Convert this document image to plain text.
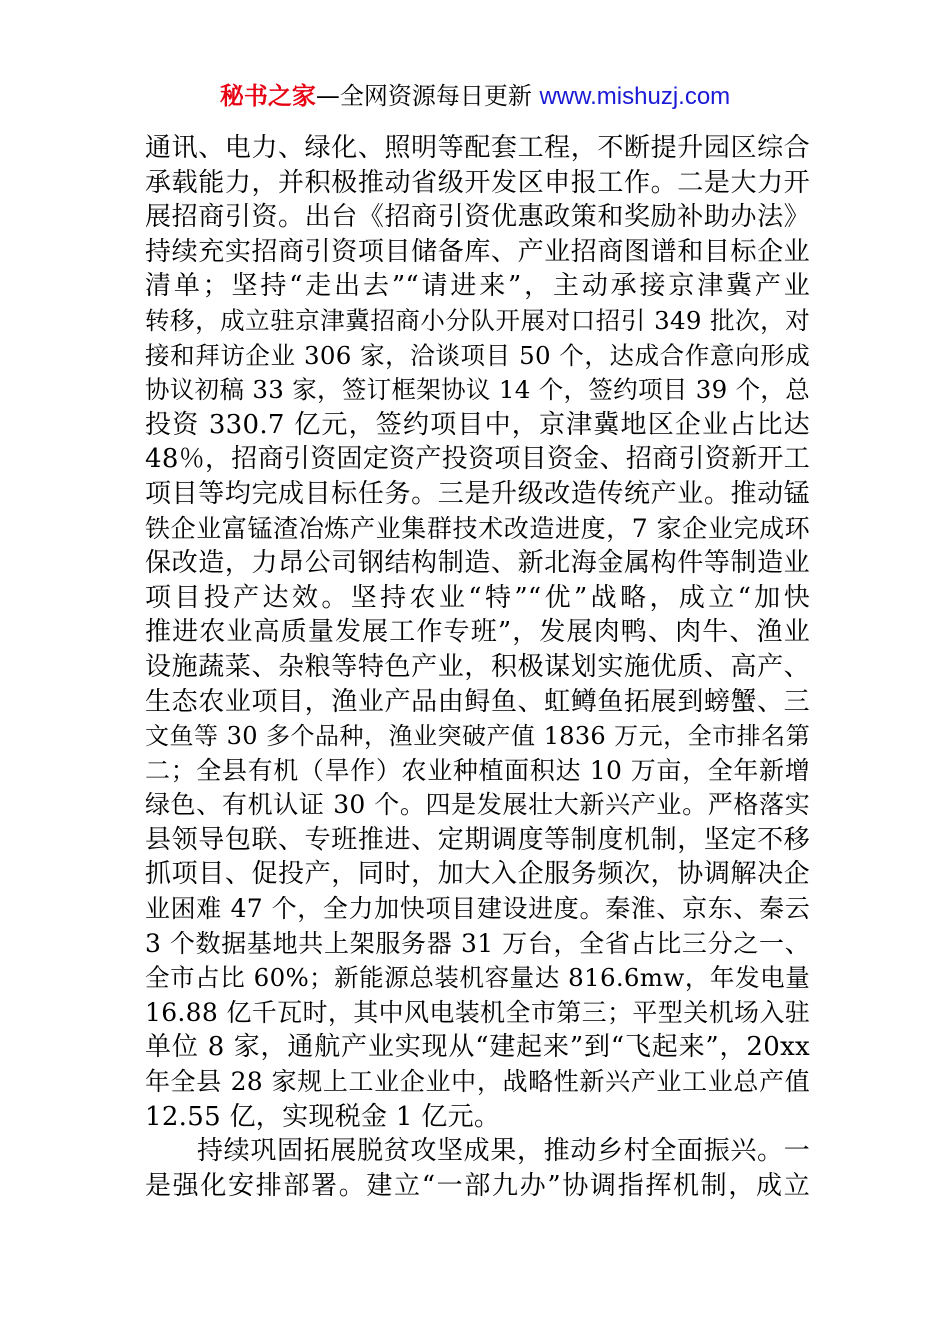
秘书之家—全网资源每日更新 www.mishuzj.com
通讯、电力、绿化、照明等配套工程，不断提升园区综合
承载能力，并积极推动省级开发区申报工作。二是大力开
展招商引资。出台《招商引资优惠政策和奖励补助办法》
持续充实招商引资项目储备库、产业招商图谱和目标企业
清单；坚持“走出去”“请进来”，主动承接京津冀产业
转移，成立驻京津冀招商小分队开展对口招引 349 批次，对
接和拜访企业 306 家，洽谈项目 50 个，达成合作意向形成
协议初稿 33 家，签订框架协议 14 个，签约项目 39 个，总
投资 330.7 亿元，签约项目中，京津冀地区企业占比达
48％，招商引资固定资产投资项目资金、招商引资新开工
项目等均完成目标任务。三是升级改造传统产业。推动锰
铁企业富锰渣冶炼产业集群技术改造进度，7 家企业完成环
保改造，力昂公司钢结构制造、新北海金属构件等制造业
项目投产达效。坚持农业“特”“优”战略，成立“加快
推进农业高质量发展工作专班”，发展肉鸭、肉牛、渔业
设施蔬菜、杂粮等特色产业，积极谋划实施优质、高产、
生态农业项目，渔业产品由鲟鱼、虹鳟鱼拓展到螃蟹、三
文鱼等 30 多个品种，渔业突破产值 1836 万元，全市排名第
二；全县有机（旱作）农业种植面积达 10 万亩，全年新增
绿色、有机认证 30 个。四是发展壮大新兴产业。严格落实
县领导包联、专班推进、定期调度等制度机制，坚定不移
抓项目、促投产，同时，加大入企服务频次，协调解决企
业困难 47 个，全力加快项目建设进度。秦淮、京东、秦云
3 个数据基地共上架服务器 31 万台，全省占比三分之一、
全市占比 60%；新能源总装机容量达 816.6mw，年发电量
16.88 亿千瓦时，其中风电装机全市第三；平型关机场入驻
单位 8 家，通航产业实现从“建起来”到“飞起来”，20xx
年全县 28 家规上工业企业中，战略性新兴产业工业总产值
12.55 亿，实现税金 1 亿元。
持续巩固拓展脱贫攻坚成果，推动乡村全面振兴。一
是强化安排部署。建立“一部九办”协调指挥机制，成立
